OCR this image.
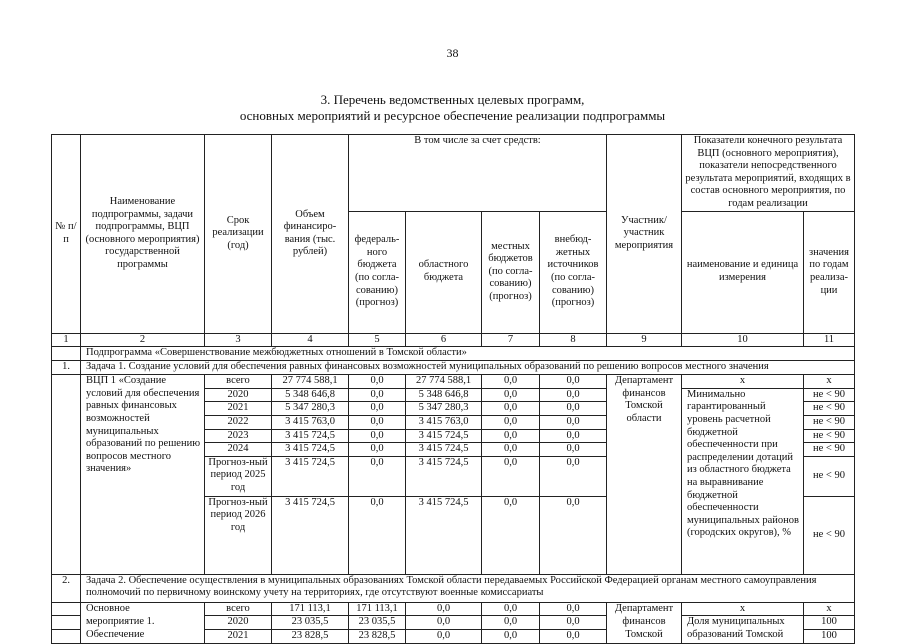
38
3. Перечень ведомственных целевых программ,
основных мероприятий и ресурсное обеспечение реализации подпрограммы
№ п/п	Наименование подпрограммы, задачи подпрограммы, ВЦП (основного мероприятия) государственной программы	Срок реализации (год)	Объем финансиро-вания (тыс. рублей)	В том числе за счет средств:				Участник/ участник мероприятия	Показатели конечного результата ВЦП (основного мероприятия), показатели непосредственного результата мероприятий, входящих в состав основного мероприятия, по годам реализации	
				федераль-ного бюджета (по согла-сованию) (прогноз)	областного бюджета	местных бюджетов (по согла-сованию) (прогноз)	внебюд-жетных источников (по согла-сованию) (прогноз)		наименование и единица измерения	значения по годам реализа-ции
1	2	3	4	5	6	7	8	9	10	11
	Подпрограмма «Совершенствование межбюджетных отношений в Томской области»									
1.	Задача 1. Создание условий для обеспечения равных финансовых возможностей муниципальных образований по решению вопросов местного значения									
	ВЦП 1 «Создание условий для обеспечения равных финансовых возможностей муниципальных образований по решению вопросов местного значения»	всего	27 774 588,1	0,0	27 774 588,1	0,0	0,0	Департамент финансов Томской области	х	х
		2020	5 348 646,8	0,0	5 348 646,8	0,0	0,0		Минимально гарантированный уровень расчетной бюджетной обеспеченности при распределении дотаций из областного бюджета на выравнивание бюджетной обеспеченности муниципальных районов (городских округов), %	не < 90
		2021	5 347 280,3	0,0	5 347 280,3	0,0	0,0			не < 90
		2022	3 415 763,0	0,0	3 415 763,0	0,0	0,0			не < 90
		2023	3 415 724,5	0,0	3 415 724,5	0,0	0,0			не < 90
		2024	3 415 724,5	0,0	3 415 724,5	0,0	0,0			не < 90
		Прогноз-ный период 2025 год	3 415 724,5	0,0	3 415 724,5	0,0	0,0			не < 90
		Прогноз-ный период 2026 год	3 415 724,5	0,0	3 415 724,5	0,0	0,0			не < 90
2.	Задача 2. Обеспечение осуществления в муниципальных образованиях Томской области передаваемых Российской Федерацией органам местного самоуправления полномочий по первичному воинскому учету на территориях, где отсутствуют военные комиссариаты									
	Основное	всего	171 113,1	171 113,1	0,0	0,0	0,0	Департамент	х	х
	мероприятие 1.	2020	23 035,5	23 035,5	0,0	0,0	0,0	финансов	Доля муниципальных	100
	Обеспечение	2021	23 828,5	23 828,5	0,0	0,0	0,0	Томской	образований Томской	100
